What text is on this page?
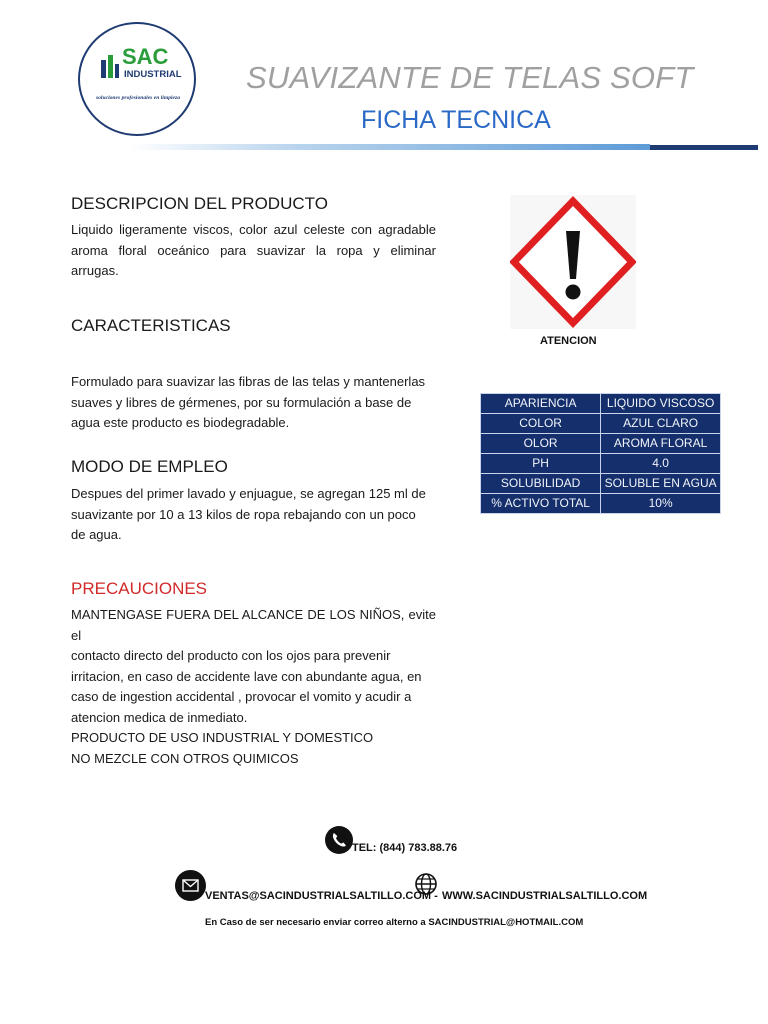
SAC
INDUSTRIAL
soluciones profesionales en limpieza
SUAVIZANTE DE TELAS SOFT
FICHA TECNICA
DESCRIPCION DEL PRODUCTO
Liquido ligeramente viscos, color azul celeste con agradable
aroma floral oceánico para suavizar la ropa y eliminar
arrugas.
CARACTERISTICAS
Formulado para suavizar las fibras de las telas y mantenerlas
suaves y libres de gérmenes, por su formulación a base de
agua este producto es biodegradable.
MODO DE EMPLEO
Despues del primer lavado y enjuague, se agregan 125 ml de
suavizante por 10 a 13 kilos de ropa rebajando con un poco
de agua.
PRECAUCIONES
MANTENGASE FUERA DEL ALCANCE DE LOS NIÑOS, evite el
contacto directo del producto con los ojos para prevenir
irritacion, en caso de accidente lave con abundante agua, en
caso de ingestion accidental , provocar el vomito y acudir a
atencion medica de inmediato.
PRODUCTO DE USO INDUSTRIAL Y DOMESTICO
NO MEZCLE CON OTROS QUIMICOS
ATENCION
APARIENCIA	LIQUIDO VISCOSO
COLOR	AZUL CLARO
OLOR	AROMA FLORAL
PH	4.0
SOLUBILIDAD	SOLUBLE EN AGUA
% ACTIVO TOTAL	10%
TEL: (844) 783.88.76
VENTAS@SACINDUSTRIALSALTILLO.COM - WWW.SACINDUSTRIALSALTILLO.COM
En Caso de ser necesario enviar correo alterno a SACINDUSTRIAL@HOTMAIL.COM
